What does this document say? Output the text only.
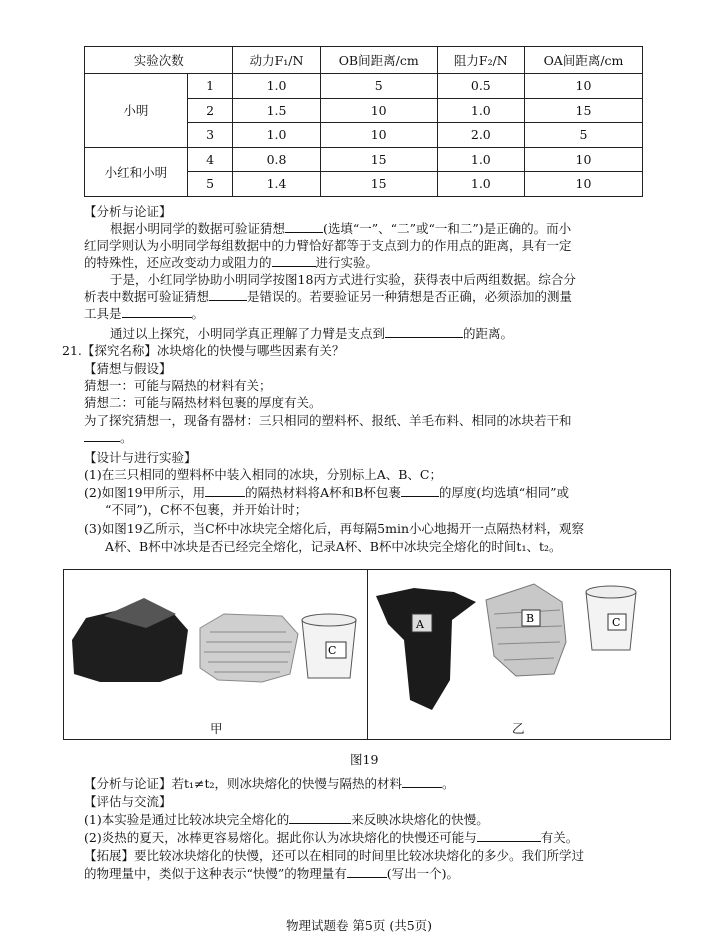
实验次数		动力F₁/N	OB间距离/cm	阻力F₂/N	OA间距离/cm
小明	1	1.0	5	0.5	10
	2	1.5	10	1.0	15
	3	1.0	10	2.0	5
小红和小明	4	0.8	15	1.0	10
	5	1.4	15	1.0	10
【分析与论证】
根据小明同学的数据可验证猜想	(选填“一”、“二”或“一和二”)是正确的。而小
红同学则认为小明同学每组数据中的力臂恰好都等于支点到力的作用点的距离，具有一定
的特殊性，还应改变动力或阻力的	进行实验。
于是，小红同学协助小明同学按图18丙方式进行实验，获得表中后两组数据。综合分
析表中数据可验证猜想	是错误的。若要验证另一种猜想是否正确，必须添加的测量
工具是	。
通过以上探究，小明同学真正理解了力臂是支点到	的距离。
21.【探究名称】冰块熔化的快慢与哪些因素有关？
【猜想与假设】
猜想一：可能与隔热的材料有关；
猜想二：可能与隔热材料包裹的厚度有关。
为了探究猜想一，现备有器材：三只相同的塑料杯、报纸、羊毛布料、相同的冰块若干和
。
【设计与进行实验】
(1)在三只相同的塑料杯中装入相同的冰块，分别标上A、B、C；
(2)如图19甲所示，用	的隔热材料将A杯和B杯包裹	的厚度(均选填“相同”或
“不同”)，C杯不包裹，并开始计时；
(3)如图19乙所示，当C杯中冰块完全熔化后，再每隔5min小心地揭开一点隔热材料，观察
A杯、B杯中冰块是否已经完全熔化，记录A杯、B杯中冰块完全熔化的时间t₁、t₂。
C
A	B	C
甲	乙
图19
【分析与论证】若t₁≠t₂，则冰块熔化的快慢与隔热的材料	。
【评估与交流】
(1)本实验是通过比较冰块完全熔化的	来反映冰块熔化的快慢。
(2)炎热的夏天，冰棒更容易熔化。据此你认为冰块熔化的快慢还可能与	有关。
【拓展】要比较冰块熔化的快慢，还可以在相同的时间里比较冰块熔化的多少。我们所学过
的物理量中，类似于这种表示“快慢”的物理量有	(写出一个)。
物理试题卷 第5页 (共5页)
